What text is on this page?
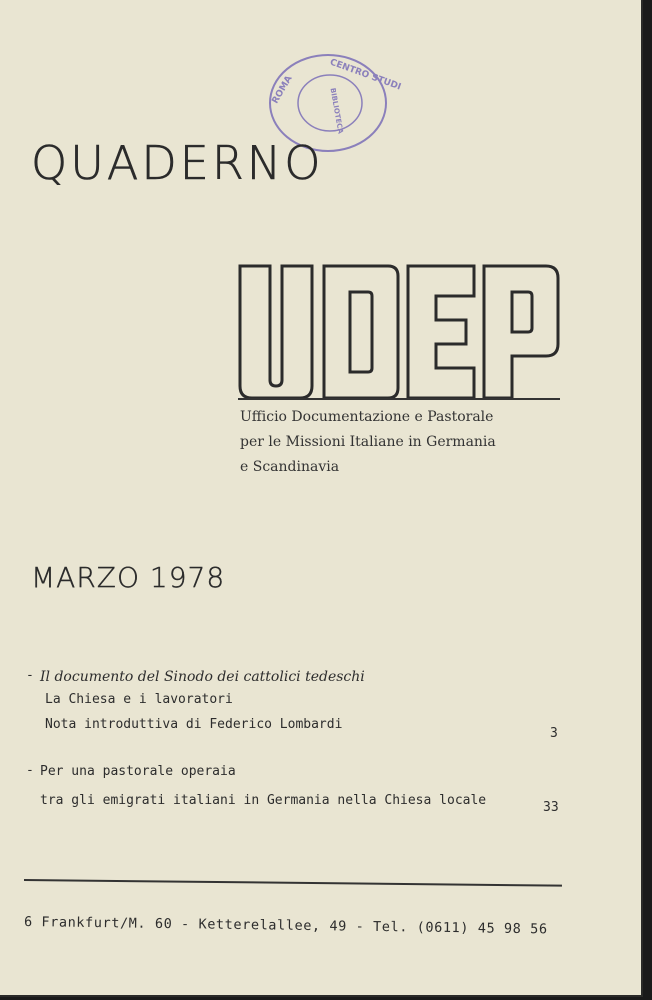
CENTRO STUDI
ROMA	BIBLIOTECA
QUADERNO
Ufficio Documentazione e Pastorale
per le Missioni Italiane in Germania
e Scandinavia
MARZO 1978
- Il documento del Sinodo dei cattolici tedeschi
La Chiesa e i lavoratori
Nota introduttiva di Federico Lombardi
3
- Per una pastorale operaia
tra gli emigrati italiani in Germania nella Chiesa locale	33
6 Frankfurt/M. 60 - Ketterelallee, 49 - Tel. (0611) 45 98 56
